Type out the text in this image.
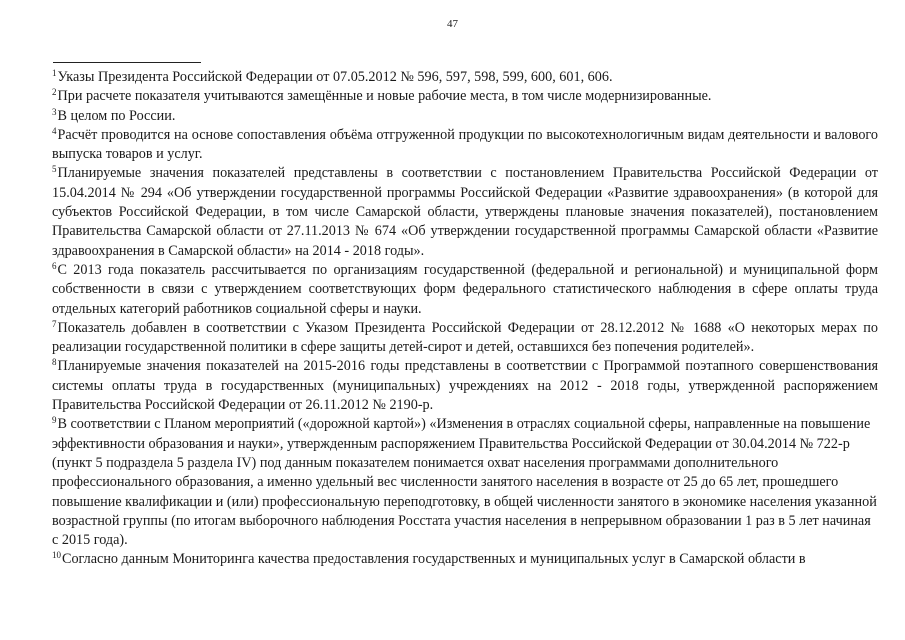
47

$^1$Указы Президента Российской Федерации от 07.05.2012 № 596, 597, 598, 599, 600, 601, 606.

$^2$При расчете показателя учитываются замещённые и новые рабочие места, в том числе модернизированные.

$^3$В целом по России.

$^4$Расчёт проводится на основе сопоставления объёма отгруженной продукции по высокотехнологичным видам деятельности и валового выпуска товаров и услуг.

$^5$Планируемые значения показателей представлены в соответствии с постановлением Правительства Российской Федерации от 15.04.2014 № 294 «Об утверждении государственной программы Российской Федерации «Развитие здравоохранения» (в которой для субъектов Российской Федерации, в том числе Самарской области, утверждены плановые значения показателей), постановлением Правительства Самарской области от 27.11.2013 № 674 «Об утверждении государственной программы Самарской области «Развитие здравоохранения в Самарской области» на 2014 - 2018 годы».

$^6$С 2013 года показатель рассчитывается по организациям государственной (федеральной и региональной) и муниципальной форм собственности в связи с утверждением соответствующих форм федерального статистического наблюдения в сфере оплаты труда отдельных категорий работников социальной сферы и науки.

$^7$Показатель добавлен в соответствии с Указом Президента Российской Федерации от 28.12.2012 № 1688 «О некоторых мерах по реализации государственной политики в сфере защиты детей-сирот и детей, оставшихся без попечения родителей».

$^8$Планируемые значения показателей на 2015-2016 годы представлены в соответствии с Программой поэтапного совершенствования системы оплаты труда в государственных (муниципальных) учреждениях на 2012 - 2018 годы, утвержденной распоряжением Правительства Российской Федерации от 26.11.2012 № 2190-р.

$^9$В соответствии с Планом мероприятий («дорожной картой») «Изменения в отраслях социальной сферы, направленные на повышение эффективности образования и науки», утвержденным распоряжением Правительства Российской Федерации от 30.04.2014 № 722-р (пункт 5 подраздела 5 раздела IV) под данным показателем понимается охват населения программами дополнительного профессионального образования, а именно удельный вес численности занятого населения в возрасте от 25 до 65 лет, прошедшего повышение квалификации и (или) профессиональную переподготовку, в общей численности занятого в экономике населения указанной возрастной группы (по итогам выборочного наблюдения Росстата участия населения в непрерывном образовании 1 раз в 5 лет начиная с 2015 года).

$^{10}$Согласно данным Мониторинга качества предоставления государственных и муниципальных услуг в Самарской области в
